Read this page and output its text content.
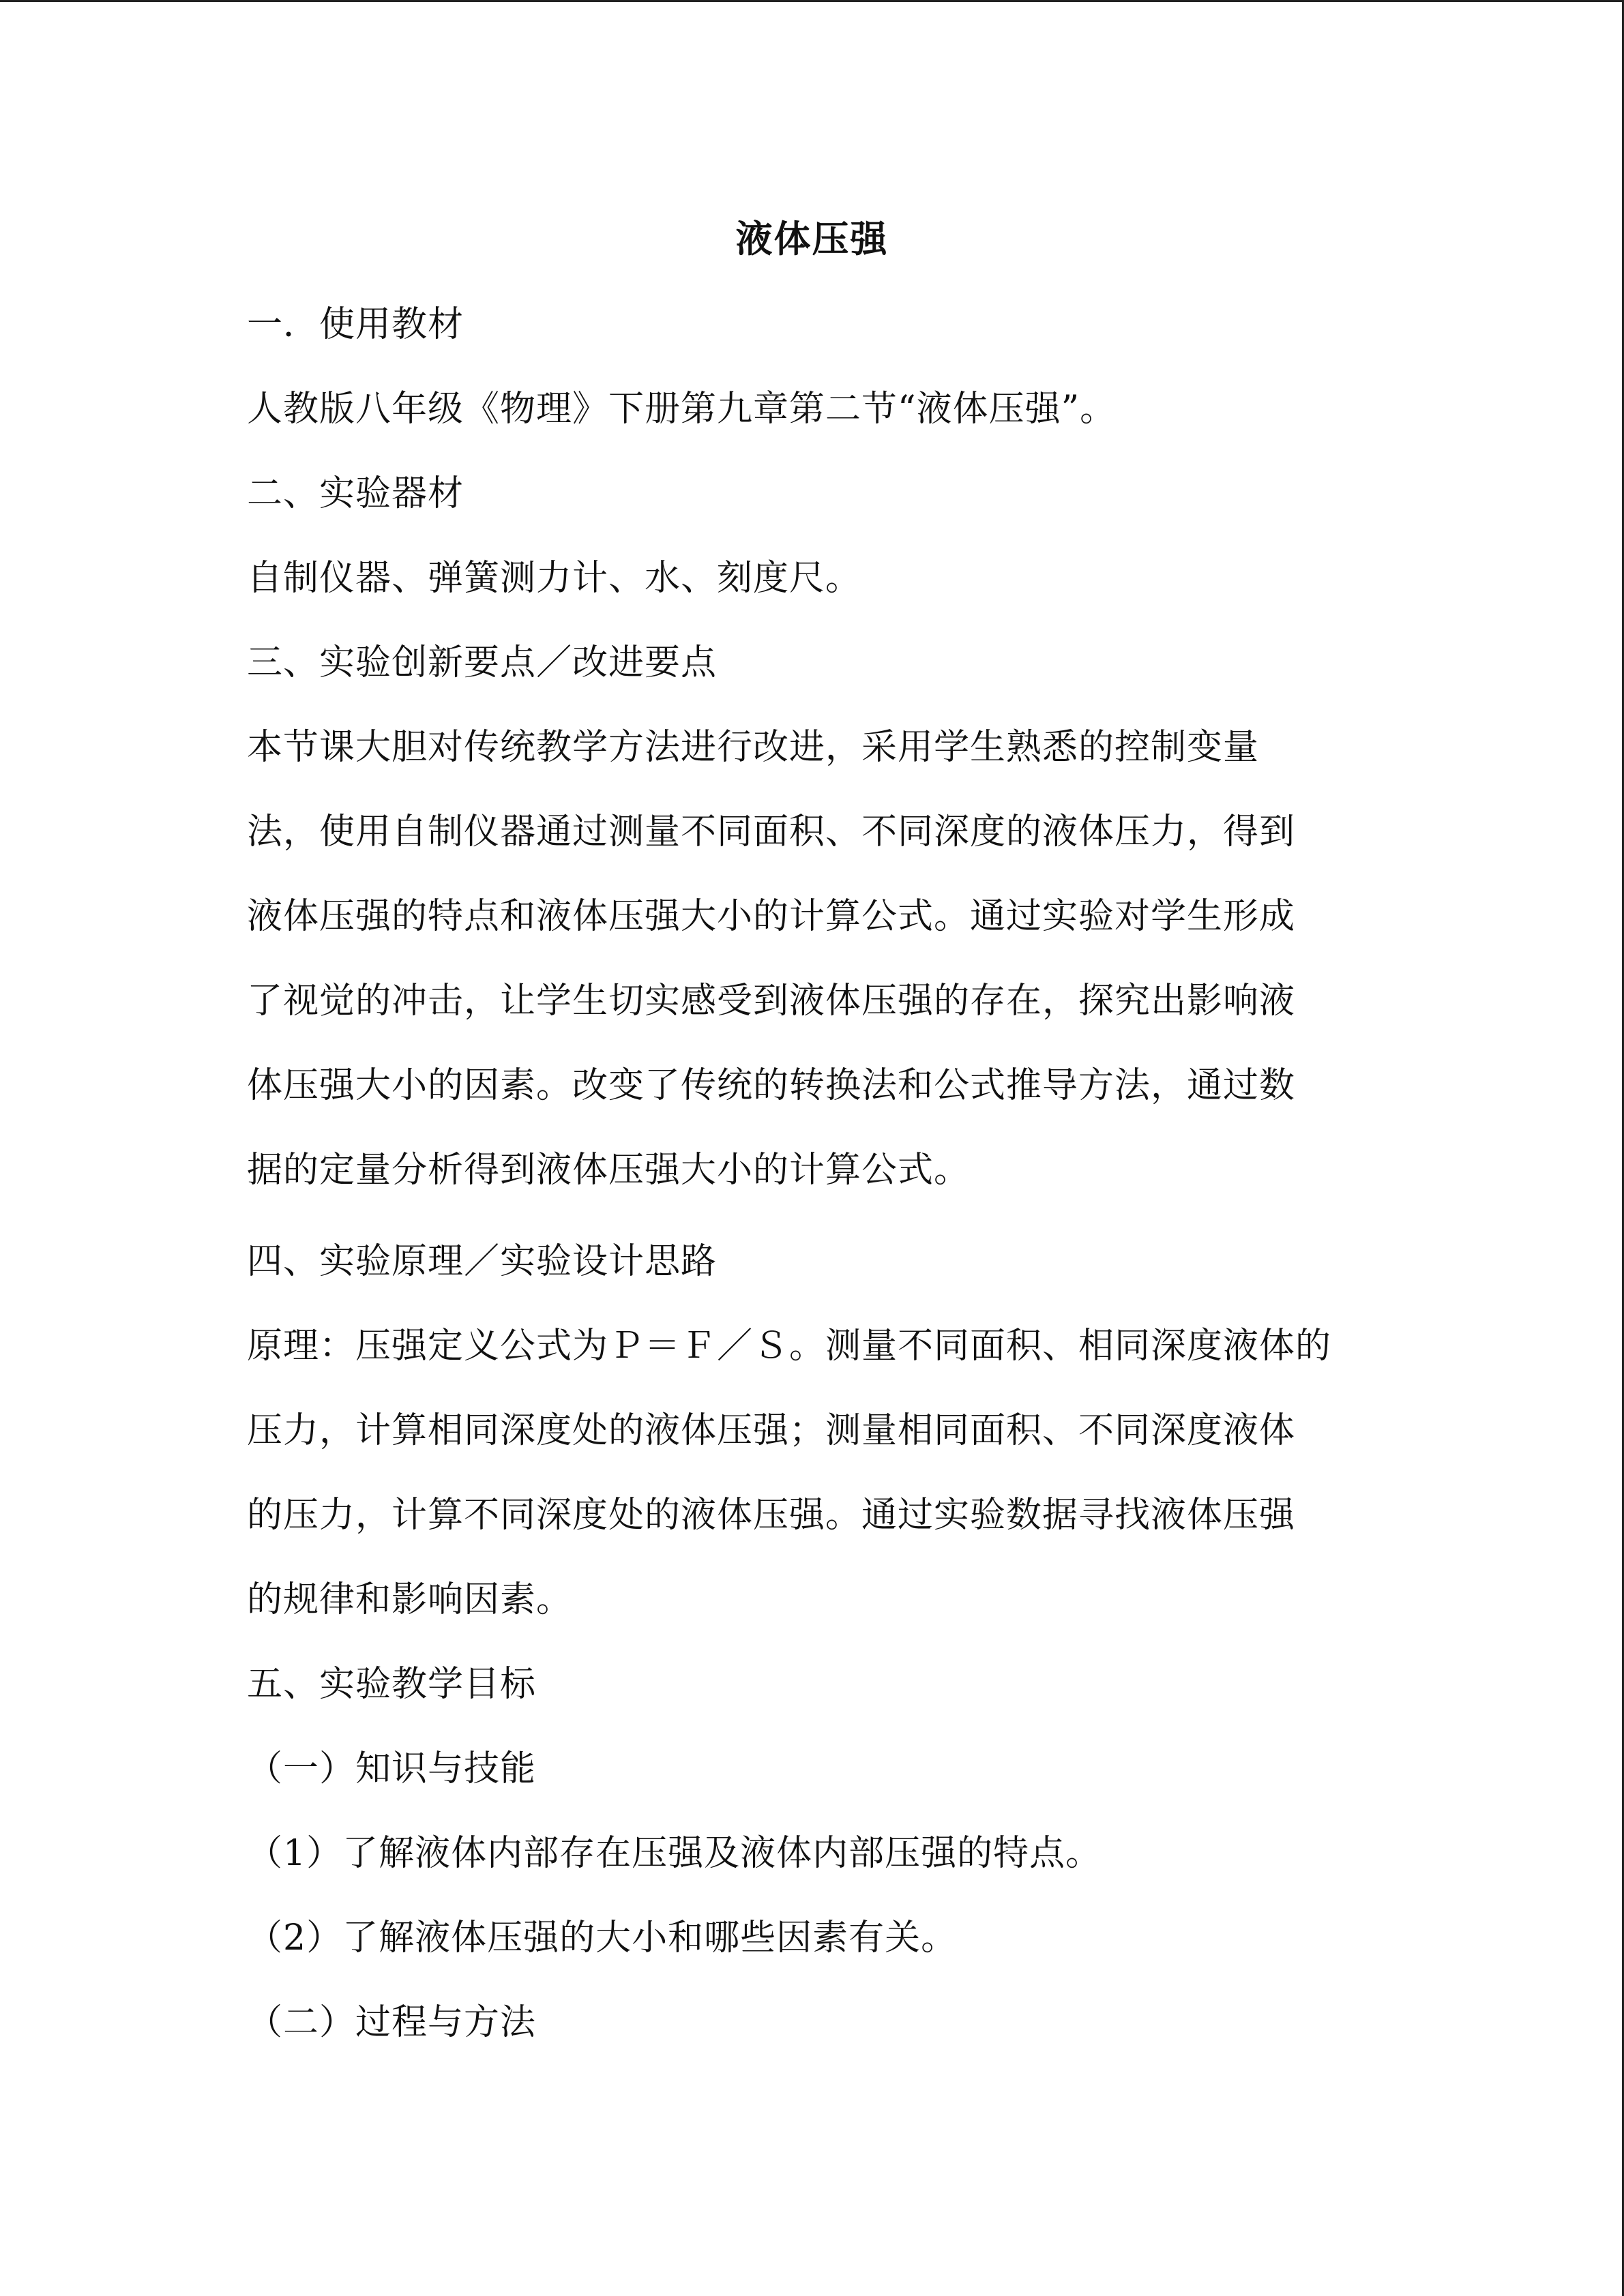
液体压强
一．使用教材
人教版八年级《物理》下册第九章第二节“液体压强”。
二、实验器材
自制仪器、弹簧测力计、水、刻度尺。
三、实验创新要点／改进要点
本节课大胆对传统教学方法进行改进，采用学生熟悉的控制变量
法，使用自制仪器通过测量不同面积、不同深度的液体压力，得到
液体压强的特点和液体压强大小的计算公式。通过实验对学生形成
了视觉的冲击，让学生切实感受到液体压强的存在，探究出影响液
体压强大小的因素。改变了传统的转换法和公式推导方法，通过数
据的定量分析得到液体压强大小的计算公式。
四、实验原理／实验设计思路
原理：压强定义公式为Ｐ＝Ｆ／Ｓ。测量不同面积、相同深度液体的
压力，计算相同深度处的液体压强；测量相同面积、不同深度液体
的压力，计算不同深度处的液体压强。通过实验数据寻找液体压强
的规律和影响因素。
五、实验教学目标
（一）知识与技能
（1）了解液体内部存在压强及液体内部压强的特点。
（2）了解液体压强的大小和哪些因素有关。
（二）过程与方法
